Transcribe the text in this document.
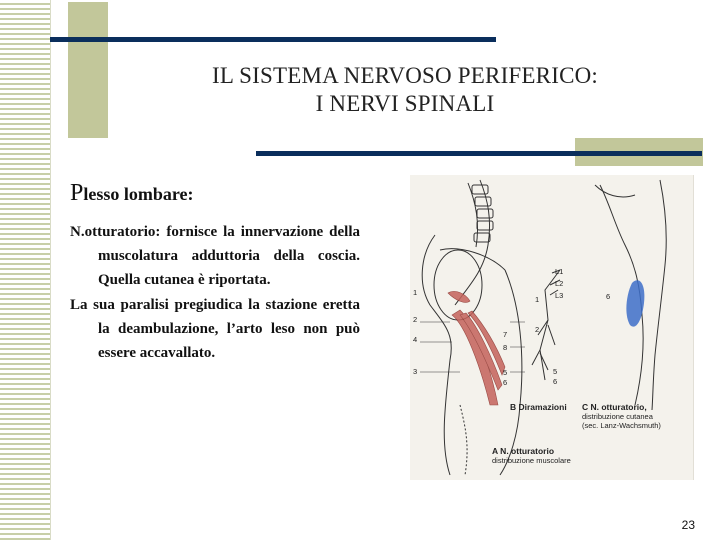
IL SISTEMA NERVOSO PERIFERICO:
I NERVI SPINALI
Plesso lombare:
N.otturatorio: fornisce la innervazione della muscolatura adduttoria della coscia. Quella cutanea è riportata.
La sua paralisi pregiudica la stazione eretta la deambulazione, l’arto leso non può essere accavallato.
1
2
4
3
7
8
5
6
L1
L2
L3
1
2
5
6
6
B Diramazioni C N. otturatorio,
distribuzione cutanea
(sec. Lanz-Wachsmuth)
A N. otturatorio
distribuzione muscolare
23
